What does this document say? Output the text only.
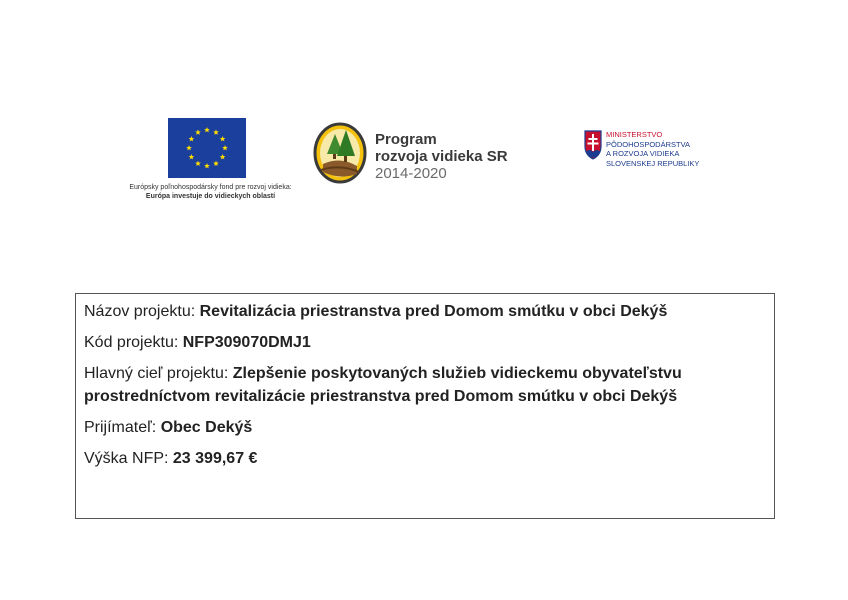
Európsky poľnohospodársky fond pre rozvoj vidieka:
Európa investuje do vidieckych oblastí
Program
rozvoja vidieka SR
2014-2020
MINISTERSTVO
PÔDOHOSPODÁRSTVA
A ROZVOJA VIDIEKA
SLOVENSKEJ REPUBLIKY
Názov projektu: Revitalizácia priestranstva pred Domom smútku v obci Dekýš
Kód projektu: NFP309070DMJ1
Hlavný cieľ projektu: Zlepšenie poskytovaných služieb vidieckemu obyvateľstvu prostredníctvom revitalizácie priestranstva pred Domom smútku v obci Dekýš
Prijímateľ: Obec Dekýš
Výška NFP: 23 399,67 €
